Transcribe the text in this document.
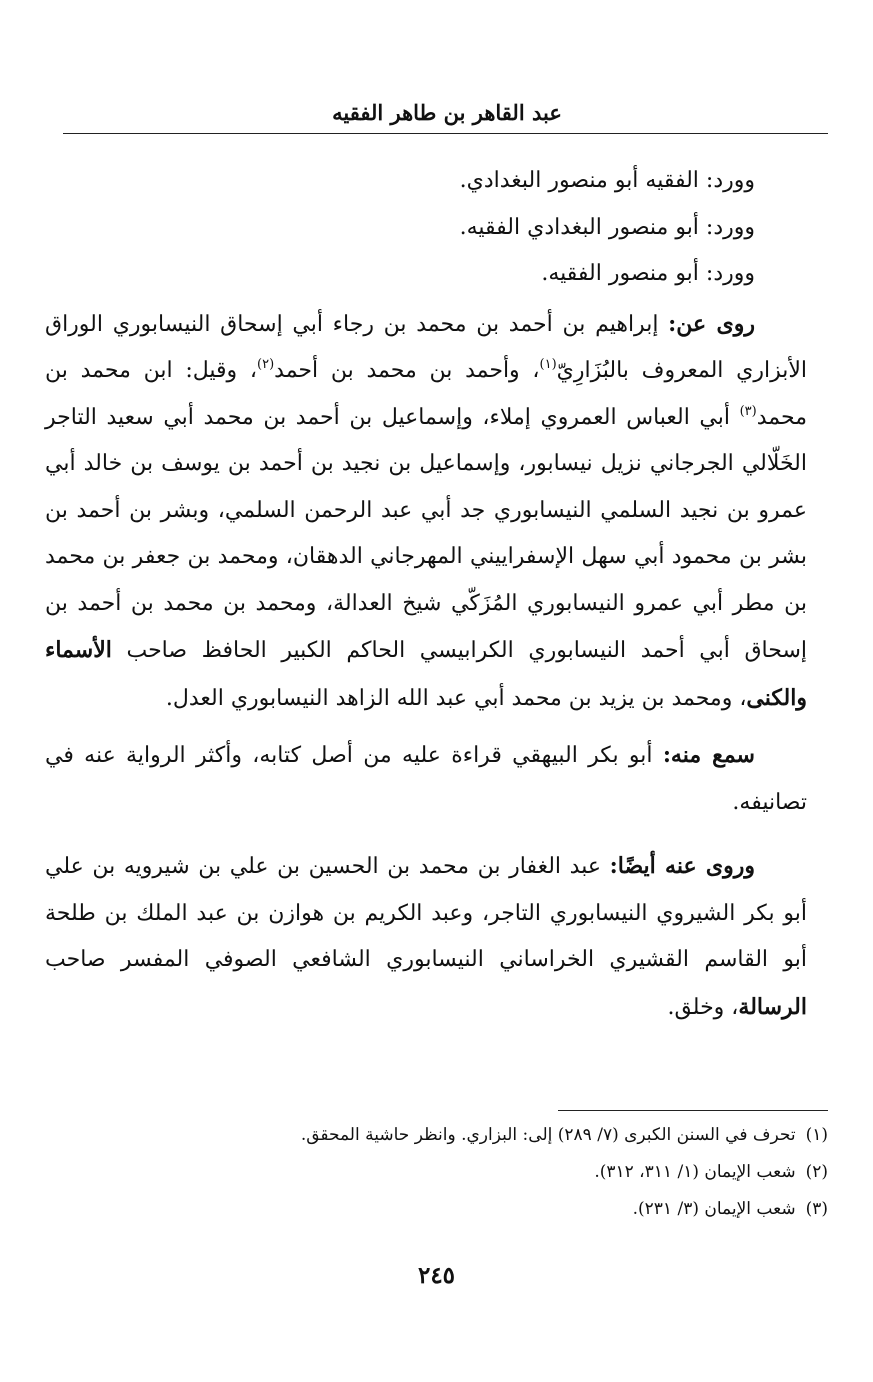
عبد القاهر بن طاهر الفقيه

وورد: الفقيه أبو منصور البغدادي.

وورد: أبو منصور البغدادي الفقيه.

وورد: أبو منصور الفقيه.

روى عن: إبراهيم بن أحمد بن محمد بن رجاء أبي إسحاق النيسابوري الوراق الأبزاري المعروف بالبُزَارِيّ$^{(١)}$، وأحمد بن محمد بن أحمد$^{(٢)}$، وقيل: ابن محمد بن محمد$^{(٣)}$ أبي العباس العمروي إملاء، وإسماعيل بن أحمد بن محمد أبي سعيد التاجر الخَلّالي الجرجاني نزيل نيسابور، وإسماعيل بن نجيد بن أحمد بن يوسف بن خالد أبي عمرو بن نجيد السلمي النيسابوري جد أبي عبد الرحمن السلمي، وبشر بن أحمد بن بشر بن محمود أبي سهل الإسفراييني المهرجاني الدهقان، ومحمد بن جعفر بن محمد بن مطر أبي عمرو النيسابوري المُزَكّي شيخ العدالة، ومحمد بن محمد بن أحمد بن إسحاق أبي أحمد النيسابوري الكرابيسي الحاكم الكبير الحافظ صاحب الأسماء والكنى، ومحمد بن يزيد بن محمد أبي عبد الله الزاهد النيسابوري العدل.

سمع منه: أبو بكر البيهقي قراءة عليه من أصل كتابه، وأكثر الرواية عنه في تصانيفه.

وروى عنه أيضًا: عبد الغفار بن محمد بن الحسين بن علي بن شيرويه بن علي أبو بكر الشيروي النيسابوري التاجر، وعبد الكريم بن هوازن بن عبد الملك بن طلحة أبو القاسم القشيري الخراساني النيسابوري الشافعي الصوفي المفسر صاحب الرسالة، وخلق.

(١)تحرف في السنن الكبرى (٧/ ٢٨٩) إلى: البزاري. وانظر حاشية المحقق.

(٢)شعب الإيمان (١/ ٣١١، ٣١٢).

(٣)شعب الإيمان (٣/ ٢٣١).

٢٤٥
